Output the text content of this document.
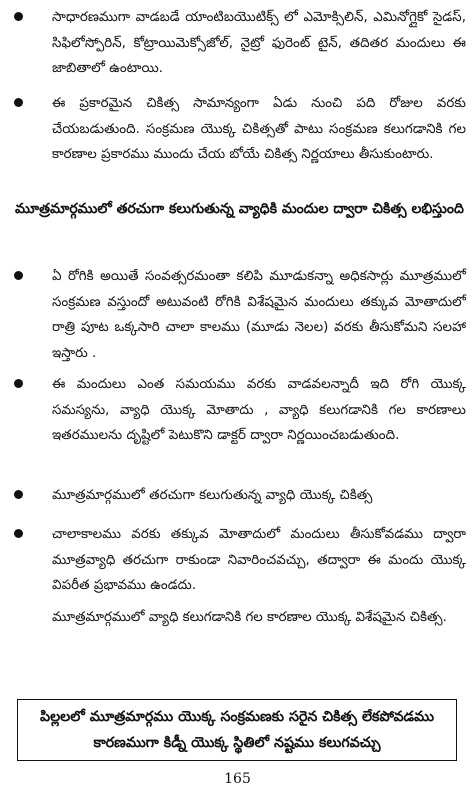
సాధారణముగా వాడబడే యాంటిబయొటిక్స్ లో ఎమోక్సిలిన్, ఎమినోగ్లైకో సైడస్, సిఫిలోస్పోరిన్, కోట్రాయిమెక్సోజోల్, నైట్రో ఫురెంట్ టైన్, తదితర మందులు ఈ జాబితాలో ఉంటాయి.
ఈ ప్రకారమైన చికిత్స సామాన్యంగా ఏడు నుంచి పది రోజుల వరకు చేయబడుతుంది. సంక్రమణ యొక్క చికిత్సతో పాటు సంక్రమణ కలుగడానికి గల కారణాల ప్రకారము ముందు చేయ బోయే చికిత్స నిర్ణయాలు తీసుకుంటారు.
మూత్రమార్గములో తరచుగా కలుగుతున్న వ్యాధికి మందుల ద్వారా చికిత్స లభిస్తుంది
ఏ రోగికి అయితే సంవత్సరమంతా కలిపి మూడుకన్నా అధికసార్లు మూత్రములో సంక్రమణ వస్తుందో అటువంటి రోగికి విశేషమైన మందులు తక్కువ మోతాదులో రాత్రి పూట ఒక్కసారి చాలా కాలము (మూడు నెలల) వరకు తీసుకోమని సలహా ఇస్తారు .
ఈ మందులు ఎంత సమయము వరకు వాడవలన్నాదీ ఇది రోగి యొక్క సమస్యను, వ్యాధి యొక్క మోతాదు , వ్యాధి కలుగడానికి గల కారణాలు ఇతరములను దృష్టిలో పెటుకొని డాక్టర్ ద్వారా నిర్ణయించబడుతుంది.
మూత్రమార్గములో తరచుగా కలుగుతున్న వ్యాధి యొక్క చికిత్స
చాలాకాలము వరకు తక్కువ మోతాదులో మందులు తీసుకోవడము ద్వారా మూత్రవ్యాధి తరచుగా రాకుండా నివారించవచ్చు, తద్వారా ఈ మందు యొక్క విపరీత ప్రభావము ఉండదు.
మూత్రమార్గములో వ్యాధి కలుగడానికి గల కారణాల యొక్క విశేషమైన చికిత్స.
పిల్లలలో మూత్రమార్గము యొక్క సంక్రమణకు సరైన చికిత్స లేకపోవడము కారణముగా కిడ్నీ యొక్క స్థితిలో నష్టము కలుగవచ్చు
165
